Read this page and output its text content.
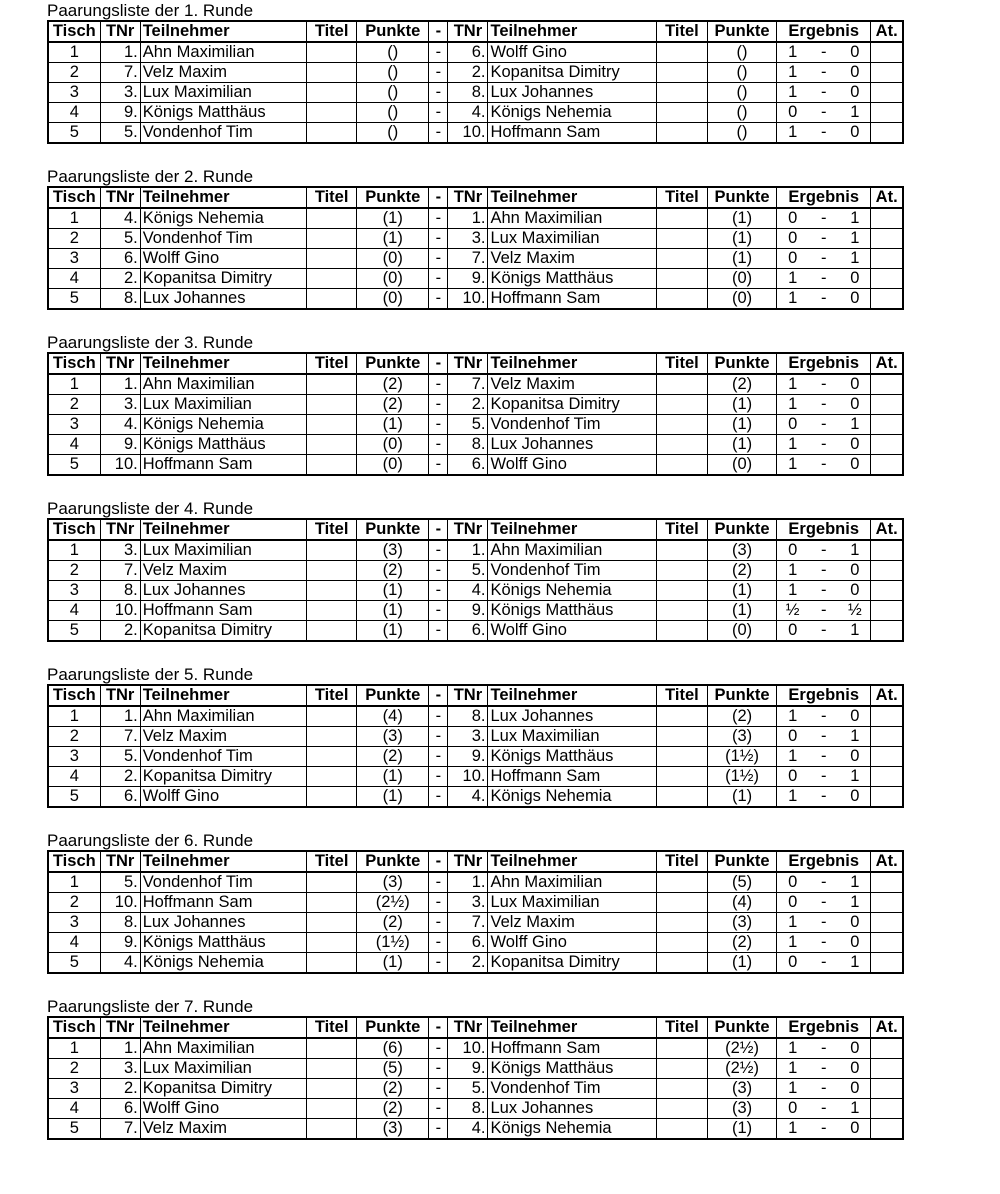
Paarungsliste der 1. Runde
Tisch	TNr	Teilnehmer	Titel	Punkte	-	TNr	Teilnehmer	Titel	Punkte	Ergebnis	At.
1	1.	Ahn Maximilian		()	-	6.	Wolff Gino		()	1 - 0	

2	7.	Velz Maxim		()	-	2.	Kopanitsa Dimitry		()	1 - 0	

3	3.	Lux Maximilian		()	-	8.	Lux Johannes		()	1 - 0	

4	9.	Königs Matthäus		()	-	4.	Königs Nehemia		()	0 - 1	

5	5.	Vondenhof Tim		()	-	10.	Hoffmann Sam		()	1 - 0	

Paarungsliste der 2. Runde
Tisch	TNr	Teilnehmer	Titel	Punkte	-	TNr	Teilnehmer	Titel	Punkte	Ergebnis	At.
1	4.	Königs Nehemia		(1)	-	1.	Ahn Maximilian		(1)	0 - 1	

2	5.	Vondenhof Tim		(1)	-	3.	Lux Maximilian		(1)	0 - 1	

3	6.	Wolff Gino		(0)	-	7.	Velz Maxim		(1)	0 - 1	

4	2.	Kopanitsa Dimitry		(0)	-	9.	Königs Matthäus		(0)	1 - 0	

5	8.	Lux Johannes		(0)	-	10.	Hoffmann Sam		(0)	1 - 0	

Paarungsliste der 3. Runde
Tisch	TNr	Teilnehmer	Titel	Punkte	-	TNr	Teilnehmer	Titel	Punkte	Ergebnis	At.
1	1.	Ahn Maximilian		(2)	-	7.	Velz Maxim		(2)	1 - 0	

2	3.	Lux Maximilian		(2)	-	2.	Kopanitsa Dimitry		(1)	1 - 0	

3	4.	Königs Nehemia		(1)	-	5.	Vondenhof Tim		(1)	0 - 1	

4	9.	Königs Matthäus		(0)	-	8.	Lux Johannes		(1)	1 - 0	

5	10.	Hoffmann Sam		(0)	-	6.	Wolff Gino		(0)	1 - 0	

Paarungsliste der 4. Runde
Tisch	TNr	Teilnehmer	Titel	Punkte	-	TNr	Teilnehmer	Titel	Punkte	Ergebnis	At.
1	3.	Lux Maximilian		(3)	-	1.	Ahn Maximilian		(3)	0 - 1	

2	7.	Velz Maxim		(2)	-	5.	Vondenhof Tim		(2)	1 - 0	

3	8.	Lux Johannes		(1)	-	4.	Königs Nehemia		(1)	1 - 0	

4	10.	Hoffmann Sam		(1)	-	9.	Königs Matthäus		(1)	½ - ½	

5	2.	Kopanitsa Dimitry		(1)	-	6.	Wolff Gino		(0)	0 - 1	

Paarungsliste der 5. Runde
Tisch	TNr	Teilnehmer	Titel	Punkte	-	TNr	Teilnehmer	Titel	Punkte	Ergebnis	At.
1	1.	Ahn Maximilian		(4)	-	8.	Lux Johannes		(2)	1 - 0	

2	7.	Velz Maxim		(3)	-	3.	Lux Maximilian		(3)	0 - 1	

3	5.	Vondenhof Tim		(2)	-	9.	Königs Matthäus		(1½)	1 - 0	

4	2.	Kopanitsa Dimitry		(1)	-	10.	Hoffmann Sam		(1½)	0 - 1	

5	6.	Wolff Gino		(1)	-	4.	Königs Nehemia		(1)	1 - 0	

Paarungsliste der 6. Runde
Tisch	TNr	Teilnehmer	Titel	Punkte	-	TNr	Teilnehmer	Titel	Punkte	Ergebnis	At.
1	5.	Vondenhof Tim		(3)	-	1.	Ahn Maximilian		(5)	0 - 1	

2	10.	Hoffmann Sam		(2½)	-	3.	Lux Maximilian		(4)	0 - 1	

3	8.	Lux Johannes		(2)	-	7.	Velz Maxim		(3)	1 - 0	

4	9.	Königs Matthäus		(1½)	-	6.	Wolff Gino		(2)	1 - 0	

5	4.	Königs Nehemia		(1)	-	2.	Kopanitsa Dimitry		(1)	0 - 1	

Paarungsliste der 7. Runde
Tisch	TNr	Teilnehmer	Titel	Punkte	-	TNr	Teilnehmer	Titel	Punkte	Ergebnis	At.
1	1.	Ahn Maximilian		(6)	-	10.	Hoffmann Sam		(2½)	1 - 0	

2	3.	Lux Maximilian		(5)	-	9.	Königs Matthäus		(2½)	1 - 0	

3	2.	Kopanitsa Dimitry		(2)	-	5.	Vondenhof Tim		(3)	1 - 0	

4	6.	Wolff Gino		(2)	-	8.	Lux Johannes		(3)	0 - 1	

5	7.	Velz Maxim		(3)	-	4.	Königs Nehemia		(1)	1 - 0	
